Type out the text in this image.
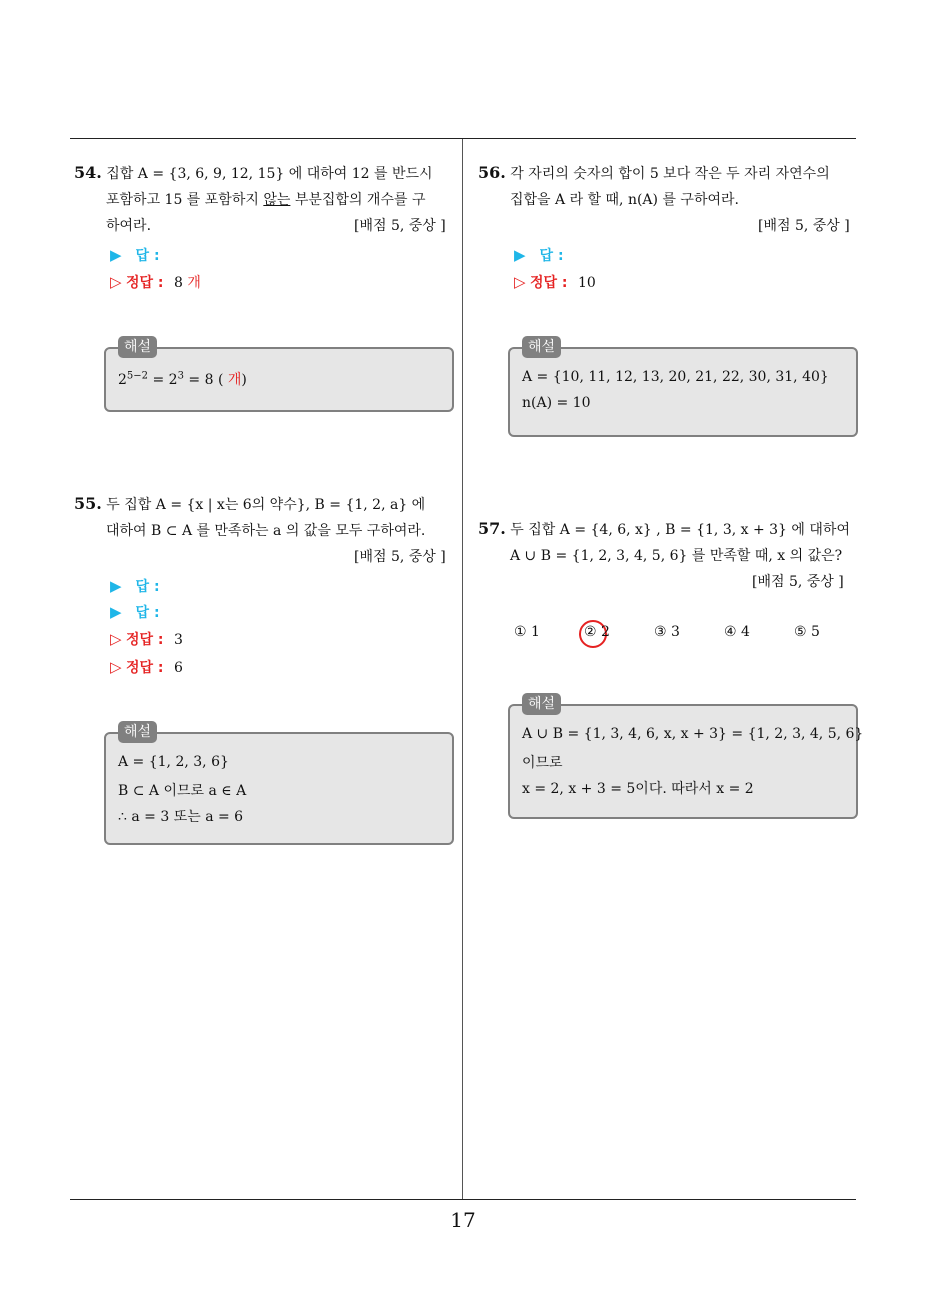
54. 집합 A = {3, 6, 9, 12, 15} 에 대하여 12 를 반드시
포함하고 15 를 포함하지 않는 부분집합의 개수를 구
하여라.	[배점 5, 중상 ]
▶ 답 :
▷ 정답 : 8 개
$2^{5-2} = 2^3 = 8$ ( 개)
해설
55. 두 집합 A = {x | x는 6의 약수}, B = {1, 2, a} 에
대하여 B ⊂ A 를 만족하는 a 의 값을 모두 구하여라.
[배점 5, 중상 ]
▶ 답 :
▶ 답 :
▷ 정답 : 3
▷ 정답 : 6
A = {1, 2, 3, 6}
B ⊂ A 이므로 a ∈ A
∴ a = 3 또는 a = 6
해설
56. 각 자리의 숫자의 합이 5 보다 작은 두 자리 자연수의
집합을 A 라 할 때, n(A) 를 구하여라.
[배점 5, 중상 ]
▶ 답 :
▷ 정답 : 10
A = {10, 11, 12, 13, 20, 21, 22, 30, 31, 40}
n(A) = 10
해설
57. 두 집합 A = {4, 6, x} , B = {1, 3, x + 3} 에 대하여
A ∪ B = {1, 2, 3, 4, 5, 6} 를 만족할 때, x 의 값은?
[배점 5, 중상 ]
① 1	② 2	③ 3	④ 4	⑤ 5
A ∪ B = {1, 3, 4, 6, x, x + 3} = {1, 2, 3, 4, 5, 6}
이므로
x = 2, x + 3 = 5이다. 따라서 x = 2
해설
17
